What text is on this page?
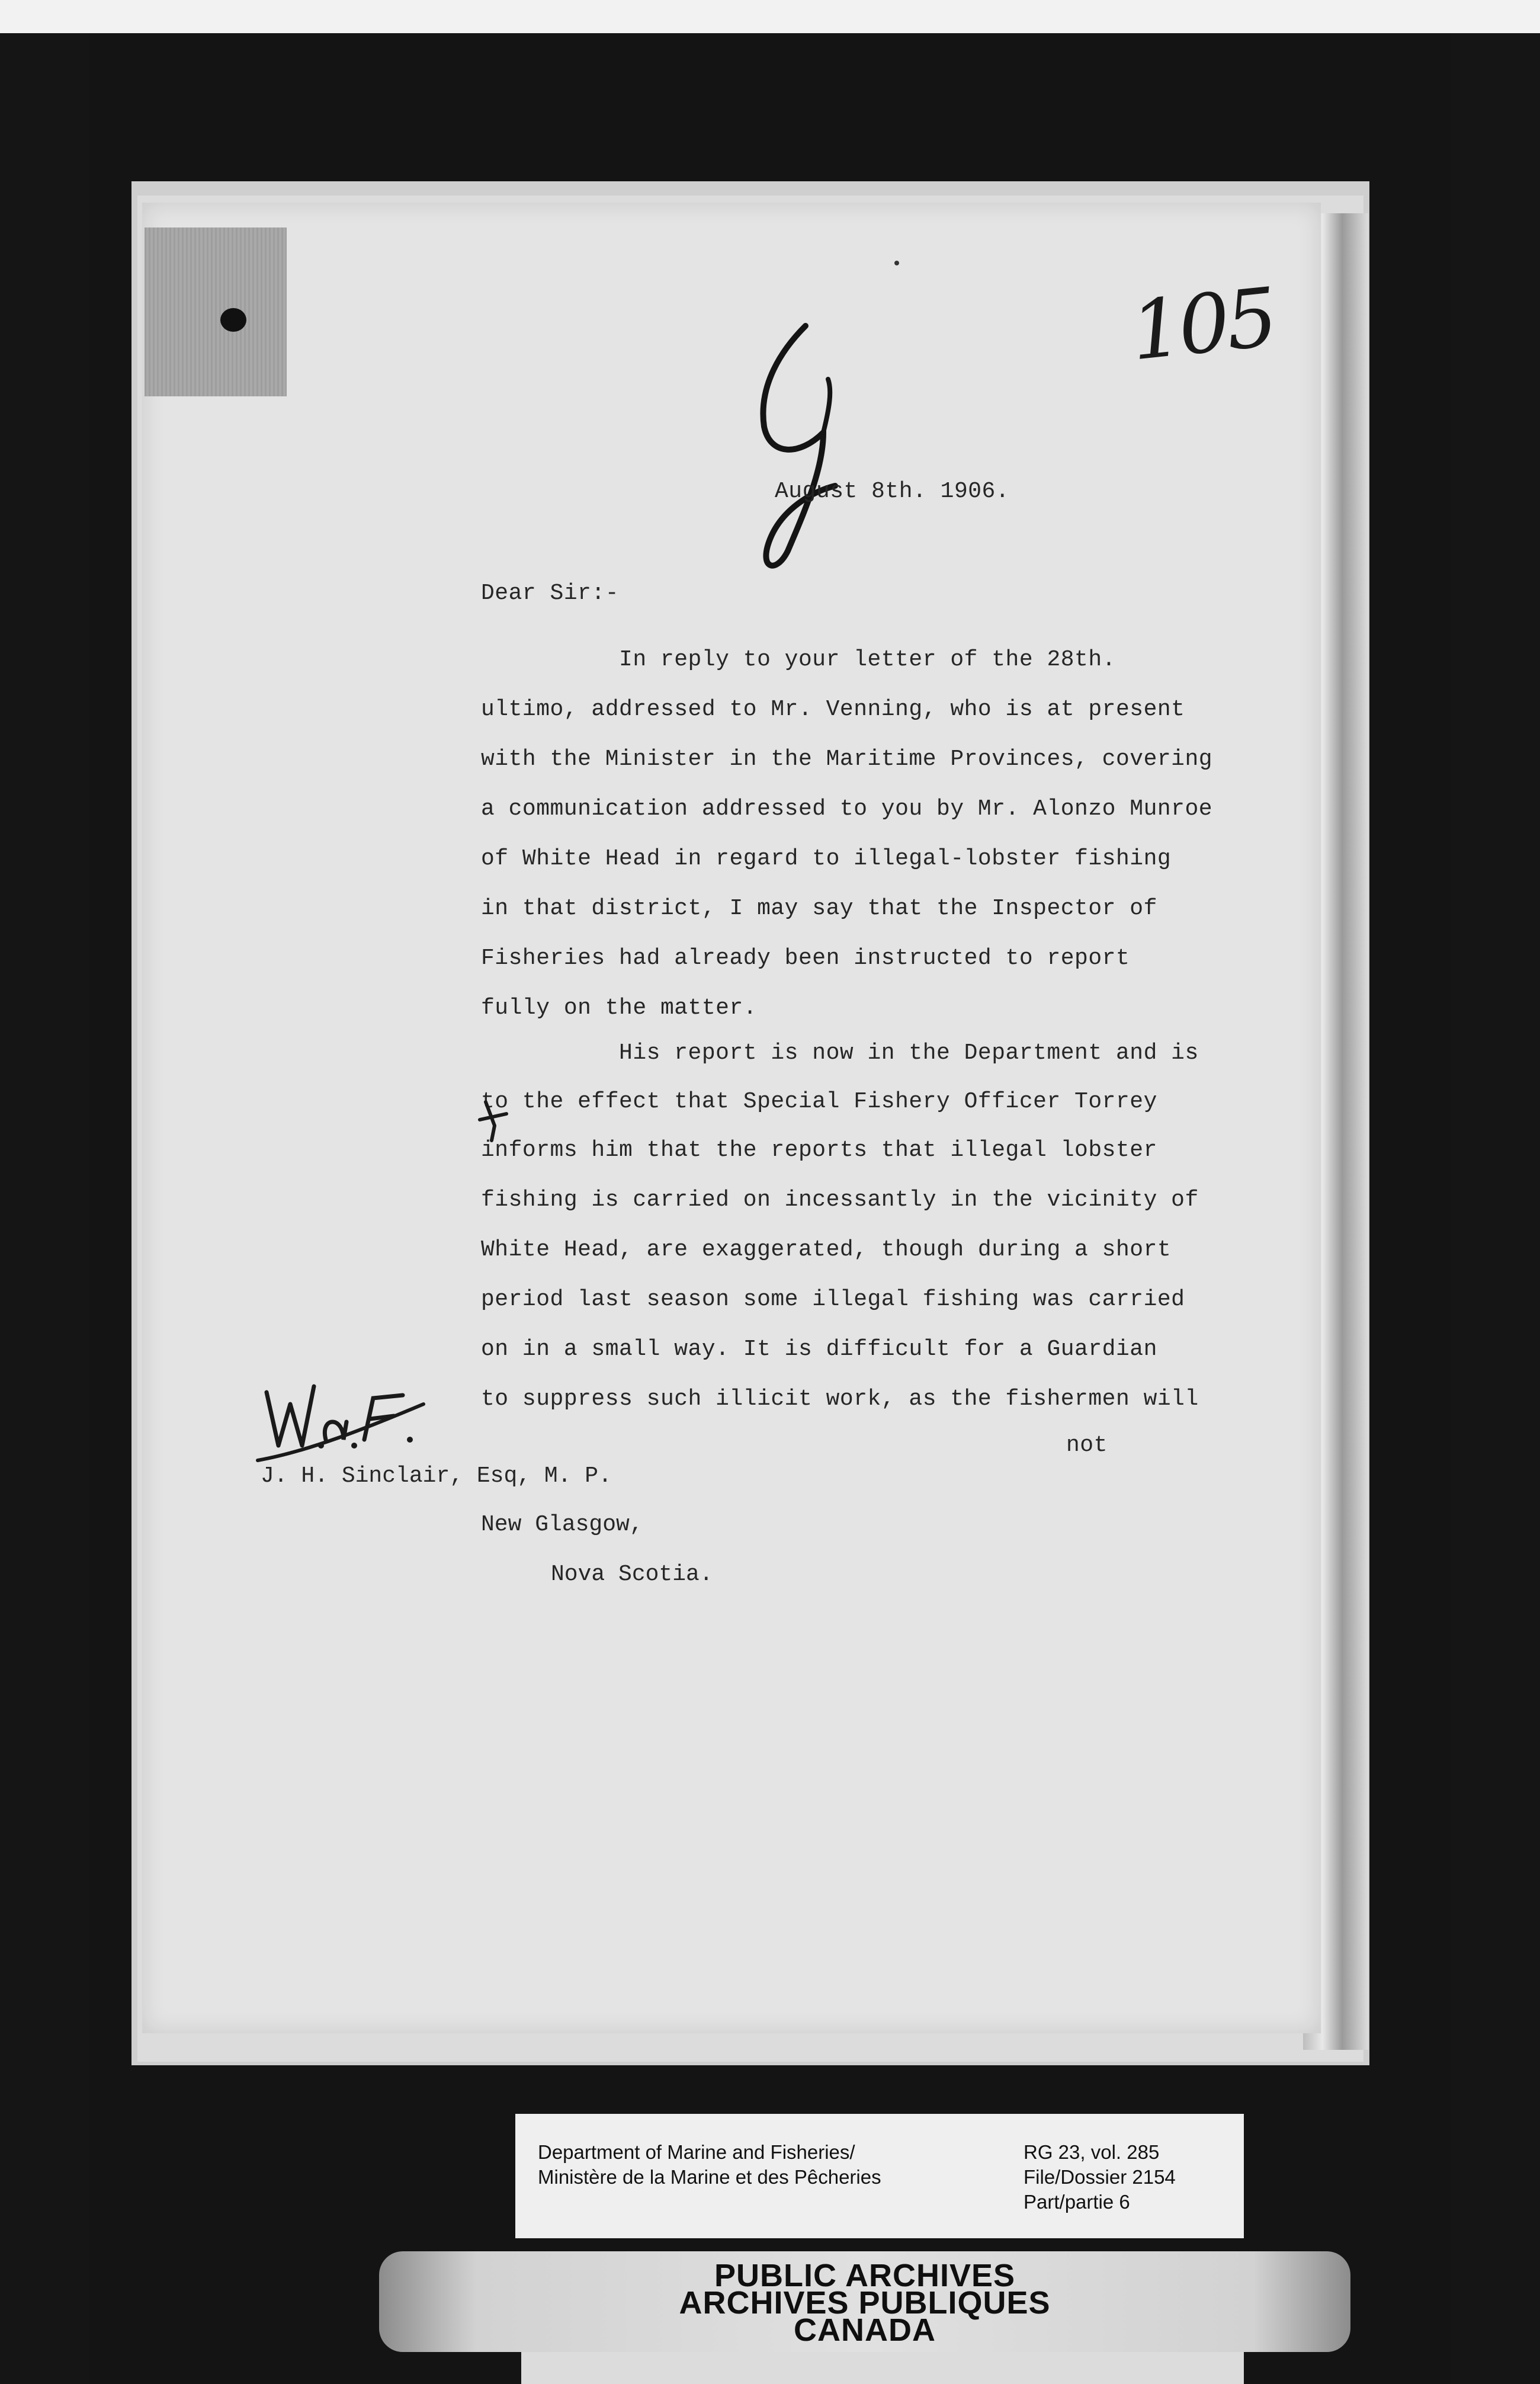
105
August 8th. 1906.
Dear Sir:-
In reply to your letter of the 28th.
ultimo, addressed to Mr. Venning, who is at present
with the Minister in the Maritime Provinces, covering
a communication addressed to you by Mr. Alonzo Munroe
of White Head in regard to illegal-lobster fishing
in that district, I may say that the Inspector of
Fisheries had already been instructed to report
fully on the matter.
His report is now in the Department and is
to the effect that Special Fishery Officer Torrey
informs him that the reports that illegal lobster
fishing is carried on incessantly in the vicinity of
White Head, are exaggerated, though during a short
period last season some illegal fishing was carried
on in a small way. It is difficult for a Guardian
to suppress such illicit work, as the fishermen will
not
J. H. Sinclair, Esq, M. P.
New Glasgow,
Nova Scotia.
Department of Marine and Fisheries/
Ministère de la Marine et des Pêcheries
RG 23, vol. 285
File/Dossier 2154
Part/partie 6
PUBLIC ARCHIVES
ARCHIVES PUBLIQUES
CANADA
